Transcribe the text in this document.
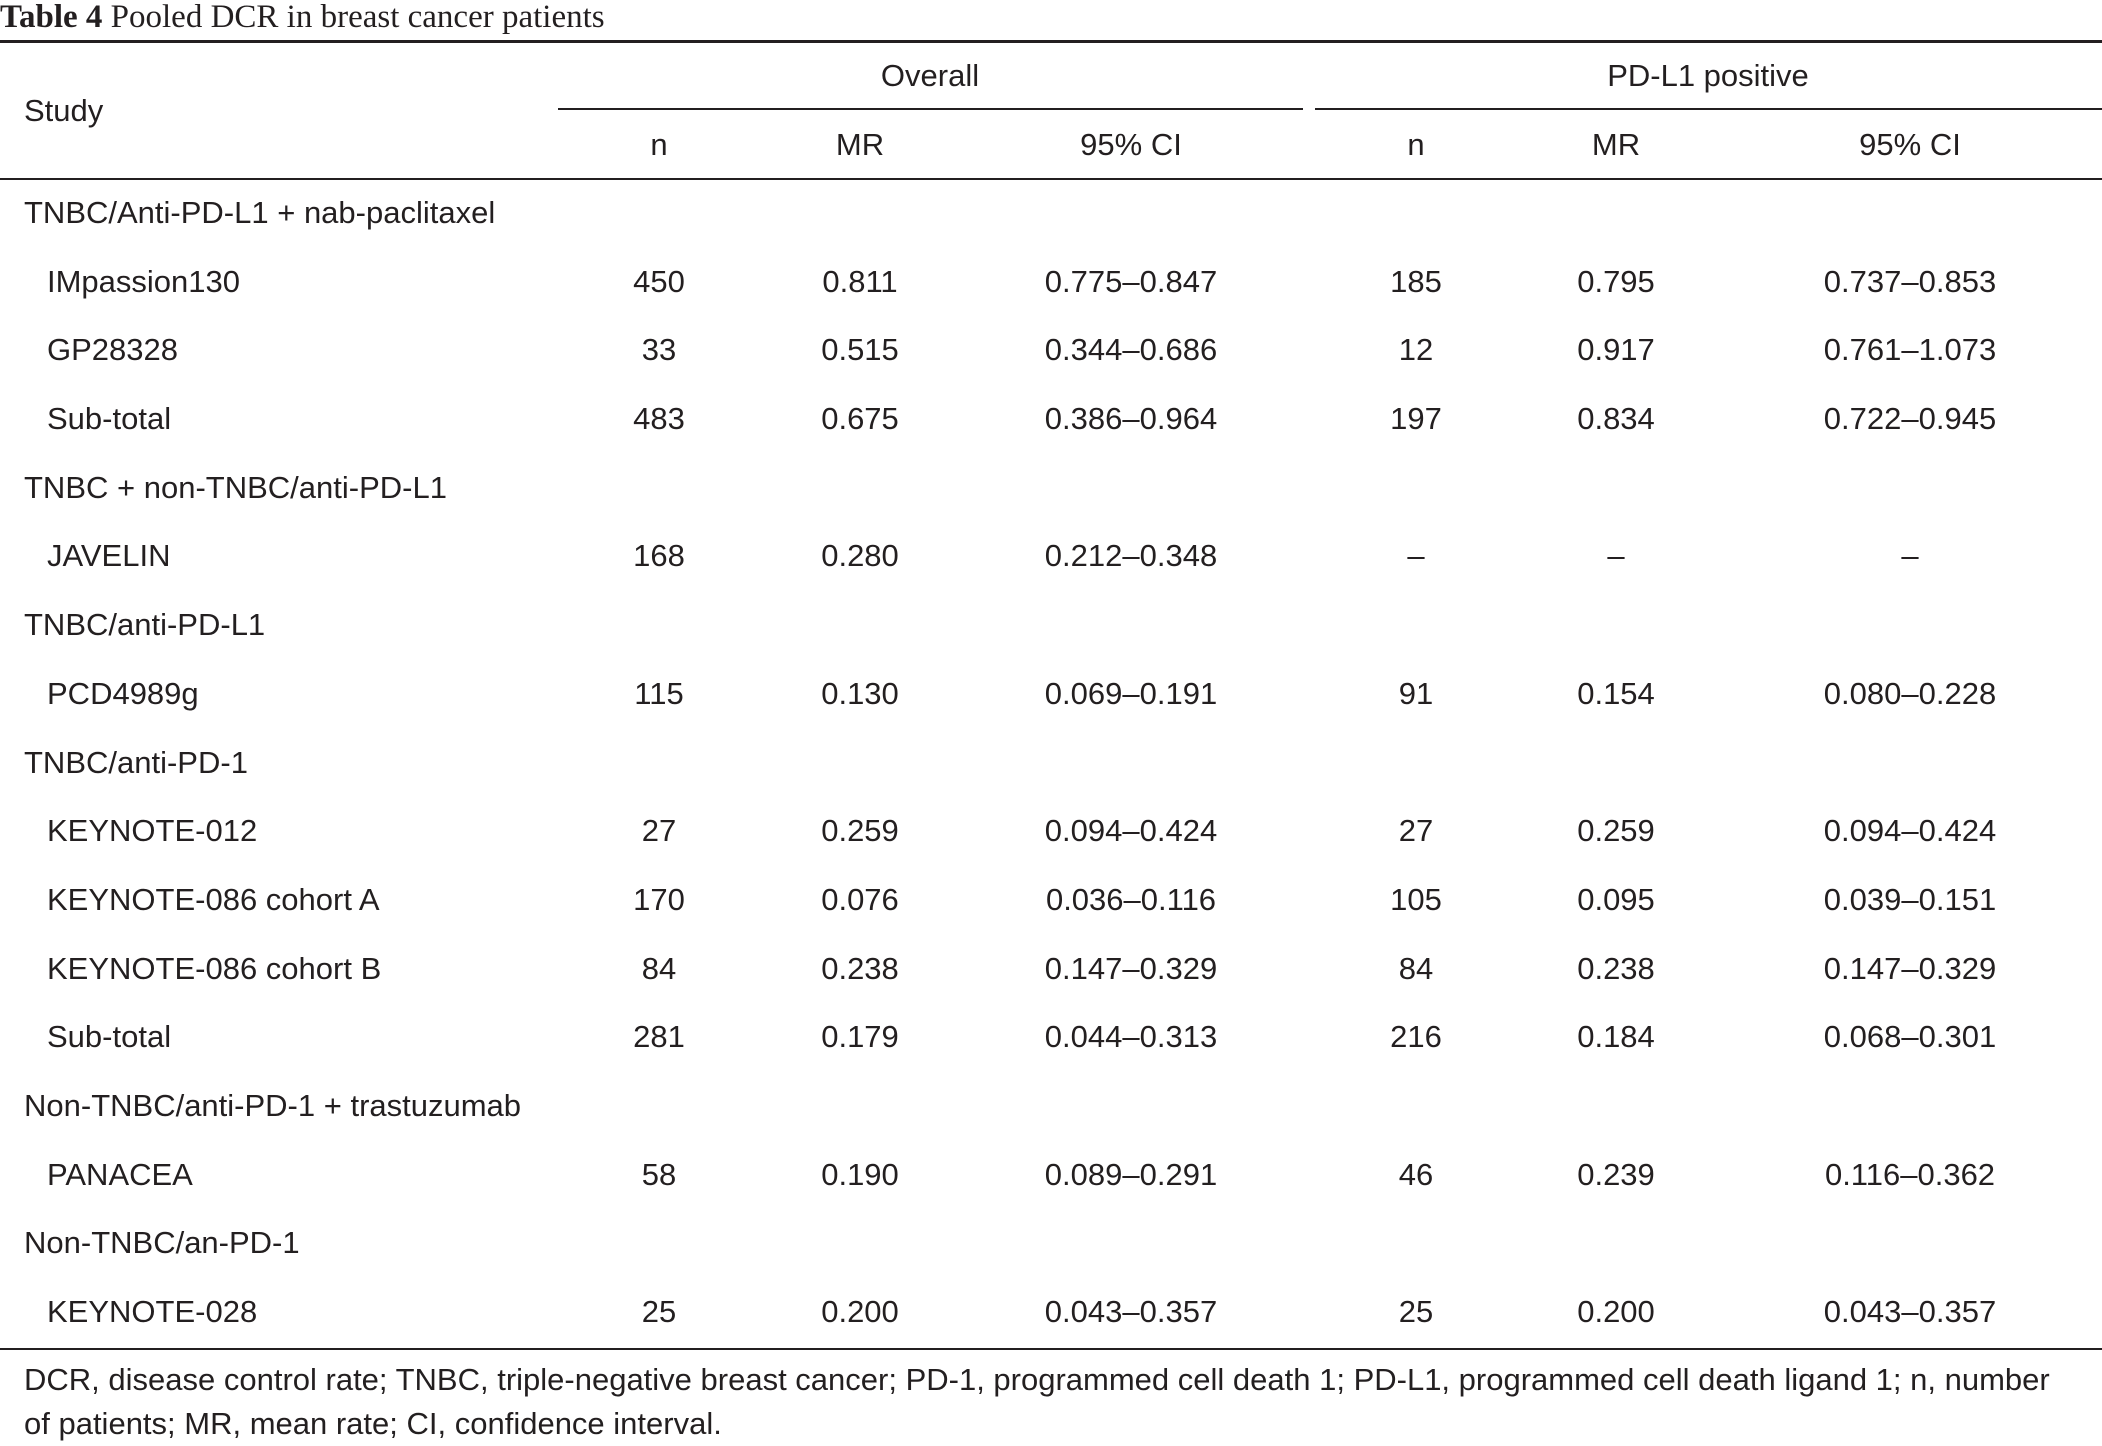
Table 4 Pooled DCR in breast cancer patients
Study
Overall	PD-L1 positive
n	MR	95% CI	n	MR	95% CI
TNBC/Anti-PD-L1 + nab-paclitaxel
IMpassion130	450	0.811	0.775–0.847	185	0.795	0.737–0.853
GP28328	33	0.515	0.344–0.686	12	0.917	0.761–1.073
Sub-total	483	0.675	0.386–0.964	197	0.834	0.722–0.945
TNBC + non-TNBC/anti-PD-L1
JAVELIN	168	0.280	0.212–0.348	–	–	–
TNBC/anti-PD-L1
PCD4989g	115	0.130	0.069–0.191	91	0.154	0.080–0.228
TNBC/anti-PD-1
KEYNOTE-012	27	0.259	0.094–0.424	27	0.259	0.094–0.424
KEYNOTE-086 cohort A	170	0.076	0.036–0.116	105	0.095	0.039–0.151
KEYNOTE-086 cohort B	84	0.238	0.147–0.329	84	0.238	0.147–0.329
Sub-total	281	0.179	0.044–0.313	216	0.184	0.068–0.301
Non-TNBC/anti-PD-1 + trastuzumab
PANACEA	58	0.190	0.089–0.291	46	0.239	0.116–0.362
Non-TNBC/an-PD-1
KEYNOTE-028	25	0.200	0.043–0.357	25	0.200	0.043–0.357
DCR, disease control rate; TNBC, triple-negative breast cancer; PD-1, programmed cell death 1; PD-L1, programmed cell death ligand 1; n, number of patients; MR, mean rate; CI, confidence interval.
